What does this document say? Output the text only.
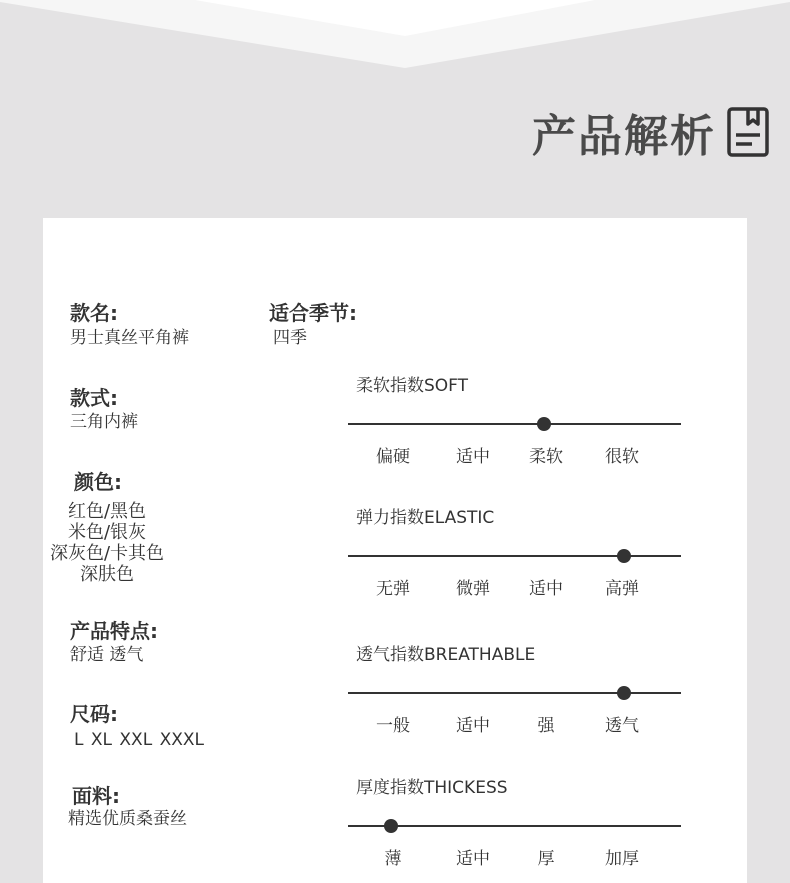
产品解析
款名:
男士真丝平角裤
适合季节:
四季
款式:
三角内裤
颜色:
红色/黑色
米色/银灰
深灰色/卡其色
深肤色
产品特点:
舒适 透气
尺码:
L XL XXL XXXL
面料:
精选优质桑蚕丝
柔软指数SOFT
偏硬	适中 柔软 很软
弹力指数ELASTIC
无弹	微弹 适中 高弹
透气指数BREATHABLE
一般	适中	强	透气
厚度指数THICKESS
薄	适中	厚	加厚
